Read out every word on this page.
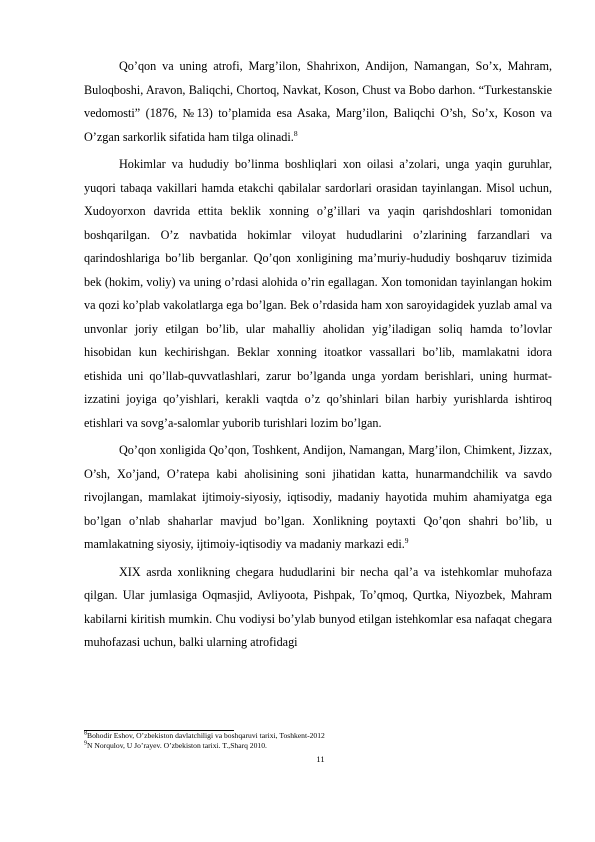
Qo’qon va uning atrofi, Marg’ilon, Shahrixon, Andijon, Namangan, So’x, Mahram, Buloqboshi, Aravon, Baliqchi, Chortoq, Navkat, Koson, Chust va Bobo darhon. “Turkestanskie vedomosti” (1876, №13) to’plamida esa Asaka, Marg’ilon, Baliqchi O’sh, So’x, Koson va O’zgan sarkorlik sifatida ham tilga olinadi.$^8$

Hokimlar va hududiy bo’linma boshliqlari xon oilasi a’zolari, unga yaqin guruhlar, yuqori tabaqa vakillari hamda etakchi qabilalar sardorlari orasidan tayinlangan. Misol uchun, Xudoyorxon davrida ettita beklik xonning o’g’illari va yaqin qarishdoshlari tomonidan boshqarilgan. O’z navbatida hokimlar viloyat hududlarini o’zlarining farzandlari va qarindoshlariga bo’lib berganlar. Qo’qon xonligining ma’muriy-hududiy boshqaruv tizimida bek (hokim, voliy) va uning o’rdasi alohida o’rin egallagan. Xon tomonidan tayinlangan hokim va qozi ko’plab vakolatlarga ega bo’lgan. Bek o’rdasida ham xon saroyidagidek yuzlab amal va unvonlar joriy etilgan bo’lib, ular mahalliy aholidan yig’iladigan soliq hamda to’lovlar hisobidan kun kechirishgan. Beklar xonning itoatkor vassallari bo’lib, mamlakatni idora etishida uni qo’llab-quvvatlashlari, zarur bo’lganda unga yordam berishlari, uning hurmat-izzatini joyiga qo’yishlari, kerakli vaqtda o’z qo’shinlari bilan harbiy yurishlarda ishtiroq etishlari va sovg’a-salomlar yuborib turishlari lozim bo’lgan.

Qo’qon xonligida Qo’qon, Toshkent, Andijon, Namangan, Marg’ilon, Chimkent, Jizzax, O’sh, Xo’jand, O’ratepa kabi aholisining soni jihatidan katta, hunarmandchilik va savdo rivojlangan, mamlakat ijtimoiy-siyosiy, iqtisodiy, madaniy hayotida muhim ahamiyatga ega bo’lgan o’nlab shaharlar mavjud bo’lgan. Xonlikning poytaxti Qo’qon shahri bo’lib, u mamlakatning siyosiy, ijtimoiy-iqtisodiy va madaniy markazi edi.$^9$

XIX asrda xonlikning chegara hududlarini bir necha qal’a va istehkomlar muhofaza qilgan. Ular jumlasiga Oqmasjid, Avliyoota, Pishpak, To’qmoq, Qurtka, Niyozbek, Mahram kabilarni kiritish mumkin. Chu vodiysi bo’ylab bunyod etilgan istehkomlar esa nafaqat chegara muhofazasi uchun, balki ularning atrofidagi

$^8$Bohodir Eshov, O’zbekiston davlatchiligi va boshqaruvi tarixi, Toshkent-2012
$^9$N Norqulov, U Jo’rayev. O’zbekiston tarixi. T.,Sharq 2010.
11
